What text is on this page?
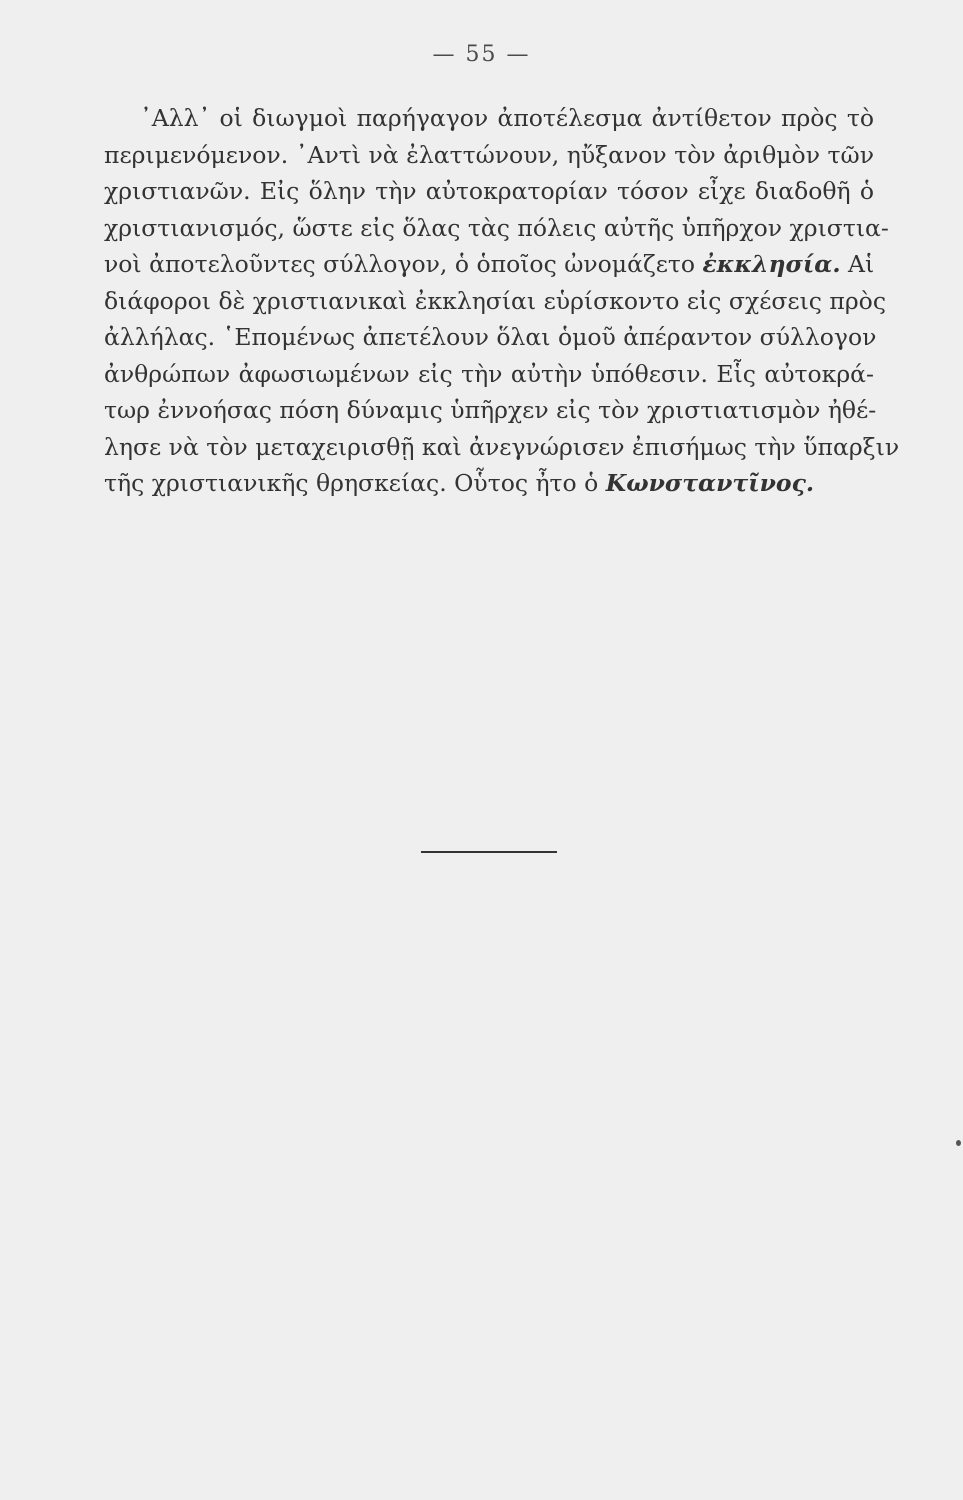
— 55 —
᾿Αλλ᾿ οἱ διωγμοὶ παρήγαγον ἀποτέλεσμα ἀντίθετον πρὸς τὸ
περιμενόμενον. ᾿Αντὶ νὰ ἐλαττώνουν, ηὔξανον τὸν ἀριθμὸν τῶν
χριστιανῶν. Εἰς ὅλην τὴν αὐτοκρατορίαν τόσον εἶχε διαδοθῆ ὁ
χριστιανισμός, ὥστε εἰς ὅλας τὰς πόλεις αὐτῆς ὑπῆρχον χριστια-
νοὶ ἀποτελοῦντες σύλλογον, ὁ ὁποῖος ὠνομάζετο ἐκκλησία. Αἱ
διάφοροι δὲ χριστιανικαὶ ἐκκλησίαι εὑρίσκοντο εἰς σχέσεις πρὸς
ἀλλήλας. ῾Επομένως ἀπετέλουν ὅλαι ὁμοῦ ἀπέραντον σύλλογον
ἀνθρώπων ἀφωσιωμένων εἰς τὴν αὐτὴν ὑπόθεσιν. Εἷς αὐτοκρά-
τωρ ἐννοήσας πόση δύναμις ὑπῆρχεν εἰς τὸν χριστιατισμὸν ἠθέ-
λησε νὰ τὸν μεταχειρισθῇ καὶ ἀνεγνώρισεν ἐπισήμως τὴν ὕπαρξιν
τῆς χριστιανικῆς θρησκείας. Οὗτος ἦτο ὁ Κωνσταντῖνος.
